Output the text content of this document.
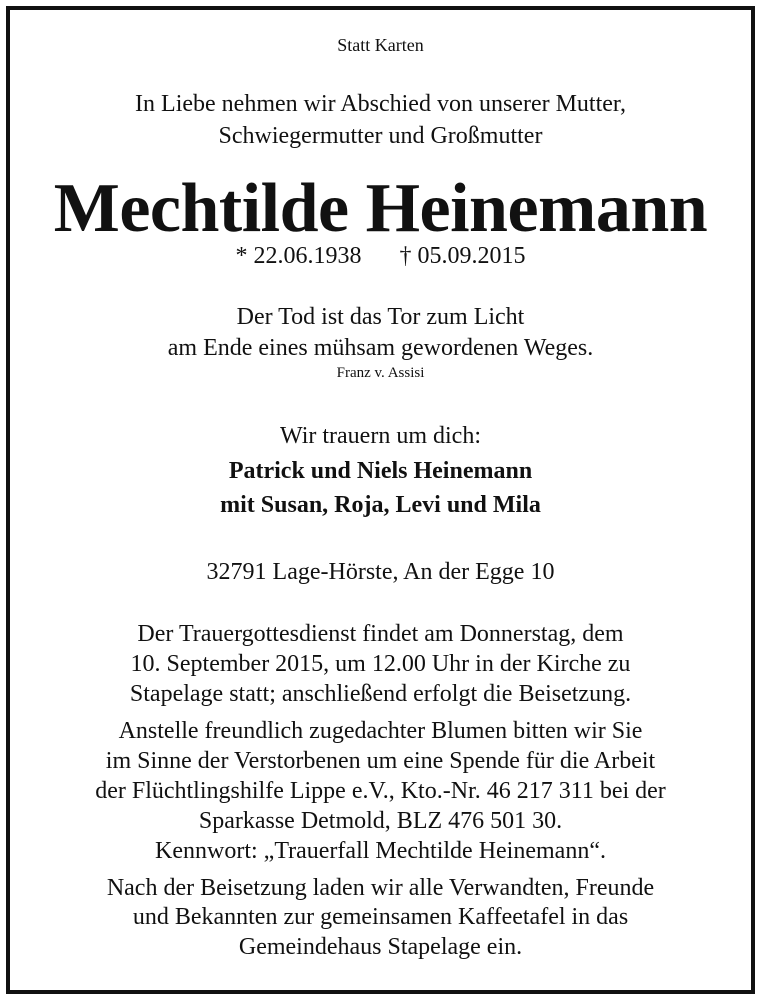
Statt Karten
In Liebe nehmen wir Abschied von unserer Mutter,
Schwiegermutter und Großmutter
Mechtilde Heinemann
* 22.06.1938 † 05.09.2015
Der Tod ist das Tor zum Licht
am Ende eines mühsam gewordenen Weges.
Franz v. Assisi
Wir trauern um dich:
Patrick und Niels Heinemann
mit Susan, Roja, Levi und Mila
32791 Lage-Hörste, An der Egge 10
Der Trauergottesdienst findet am Donnerstag, dem
10. September 2015, um 12.00 Uhr in der Kirche zu
Stapelage statt; anschließend erfolgt die Beisetzung.
Anstelle freundlich zugedachter Blumen bitten wir Sie
im Sinne der Verstorbenen um eine Spende für die Arbeit
der Flüchtlingshilfe Lippe e.V., Kto.-Nr. 46 217 311 bei der
Sparkasse Detmold, BLZ 476 501 30.
Kennwort: „Trauerfall Mechtilde Heinemann“.
Nach der Beisetzung laden wir alle Verwandten, Freunde
und Bekannten zur gemeinsamen Kaffeetafel in das
Gemeindehaus Stapelage ein.
